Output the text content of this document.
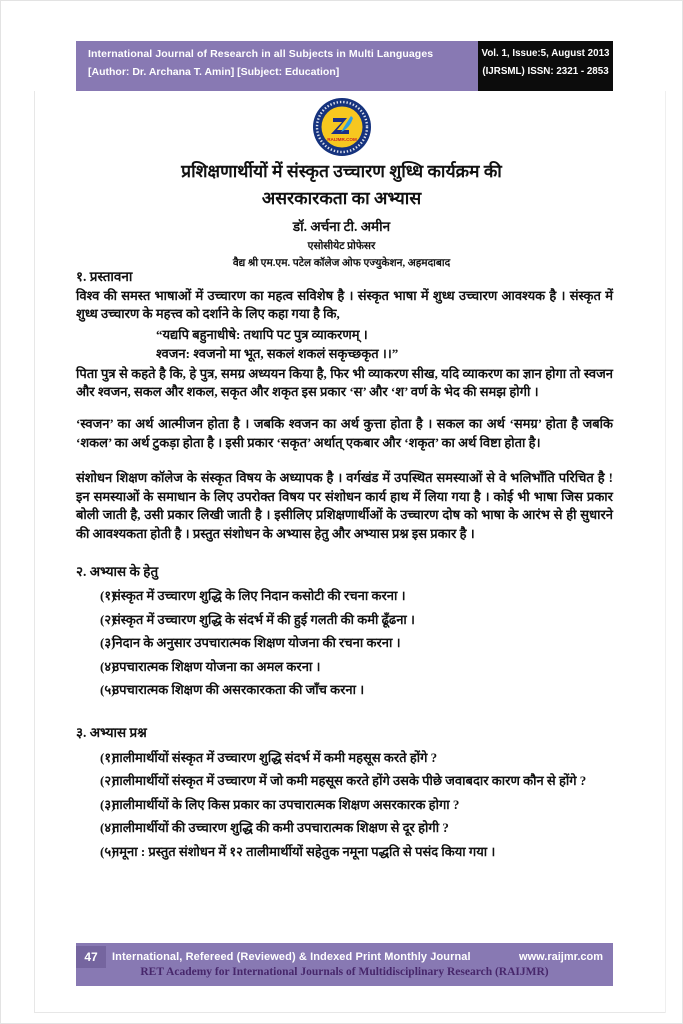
International Journal of Research in all Subjects in Multi Languages
[Author: Dr. Archana T. Amin] [Subject: Education]
Vol. 1, Issue:5, August 2013
(IJRSML) ISSN: 2321 - 2853
RAIJMR.COM
प्रशिक्षणार्थीयों में संस्कृत उच्चारण शुध्धि कार्यक्रम की
असरकारकता का अभ्यास
डॉ. अर्चना टी. अमीन
एसोसीयेट प्रोफेसर
वैद्य श्री एम.एम. पटेल कॉलेज ओफ एज्युकेशन, अहमदाबाद
१. प्रस्तावना
विश्व की समस्त भाषाओं में उच्चारण का महत्व सविशेष है । संस्कृत भाषा में शुध्ध उच्चारण आवश्यक है । संस्कृत में शुध्ध उच्चारण के महत्त्व को दर्शाने के लिए कहा गया है कि,
“यद्यपि बहुनाधीषे: तथापि पट पुत्र व्याकरणम् ।
श्वजन: श्वजनो मा भूत, सकलं शकलं सकृच्छकृत ।।”
पिता पुत्र से कहते है कि, हे पुत्र, समग्र अध्ययन किया है, फिर भी व्याकरण सीख, यदि व्याकरण का ज्ञान होगा तो स्वजन और श्वजन, सकल और शकल, सकृत और शकृत इस प्रकार ‘स’ और ‘श’ वर्ण के भेद की समझ होगी ।
‘स्वजन’ का अर्थ आत्मीजन होता है । जबकि श्वजन का अर्थ कुत्ता होता है । सकल का अर्थ ‘समग्र’ होता है जबकि ‘शकल’ का अर्थ टुकड़ा होता है । इसी प्रकार ‘सकृत’ अर्थात् एकबार और ‘शकृत’ का अर्थ विष्टा होता है।
संशोधन शिक्षण कॉलेज के संस्कृत विषय के अध्यापक है । वर्गखंड में उपस्थित समस्याओं से वे भलिभाँति परिचित है ! इन समस्याओं के समाधान के लिए उपरोक्त विषय पर संशोधन कार्य हाथ में लिया गया है । कोई भी भाषा जिस प्रकार बोली जाती है, उसी प्रकार लिखी जाती है । इसीलिए प्रशिक्षणार्थीओं के उच्चारण दोष को भाषा के आरंभ से ही सुधारने की आवश्यकता होती है । प्रस्तुत संशोधन के अभ्यास हेतु और अभ्यास प्रश्न इस प्रकार है ।
२. अभ्यास के हेतु
(१)
संस्कृत में उच्चारण शुद्धि के लिए निदान कसोटी की रचना करना ।
(२)
संस्कृत में उच्चारण शुद्धि के संदर्भ में की हुई गलती की कमी ढूँढना ।
(३)
निदान के अनुसार उपचारात्मक शिक्षण योजना की रचना करना ।
(४)
उपचारात्मक शिक्षण योजना का अमल करना ।
(५)
उपचारात्मक शिक्षण की असरकारकता की जाँच करना ।
३. अभ्यास प्रश्न
(१)
तालीमार्थीयों संस्कृत में उच्चारण शुद्धि संदर्भ में कमी महसूस करते होंगे ?
(२)
तालीमार्थीयों संस्कृत में उच्चारण में जो कमी महसूस करते होंगे उसके पीछे जवाबदार कारण कौन से होंगे ?
(३)
तालीमार्थीयों के लिए किस प्रकार का उपचारात्मक शिक्षण असरकारक होगा ?
(४)
तालीमार्थीयों की उच्चारण शुद्धि की कमी उपचारात्मक शिक्षण से दूर होगी ?
(५)
नमूना : प्रस्तुत संशोधन में १२ तालीमार्थीयों सहेतुक नमूना पद्धति से पसंद किया गया ।
47	International, Refereed (Reviewed) & Indexed Print Monthly Journal	www.raijmr.com
RET Academy for International Journals of Multidisciplinary Research (RAIJMR)
